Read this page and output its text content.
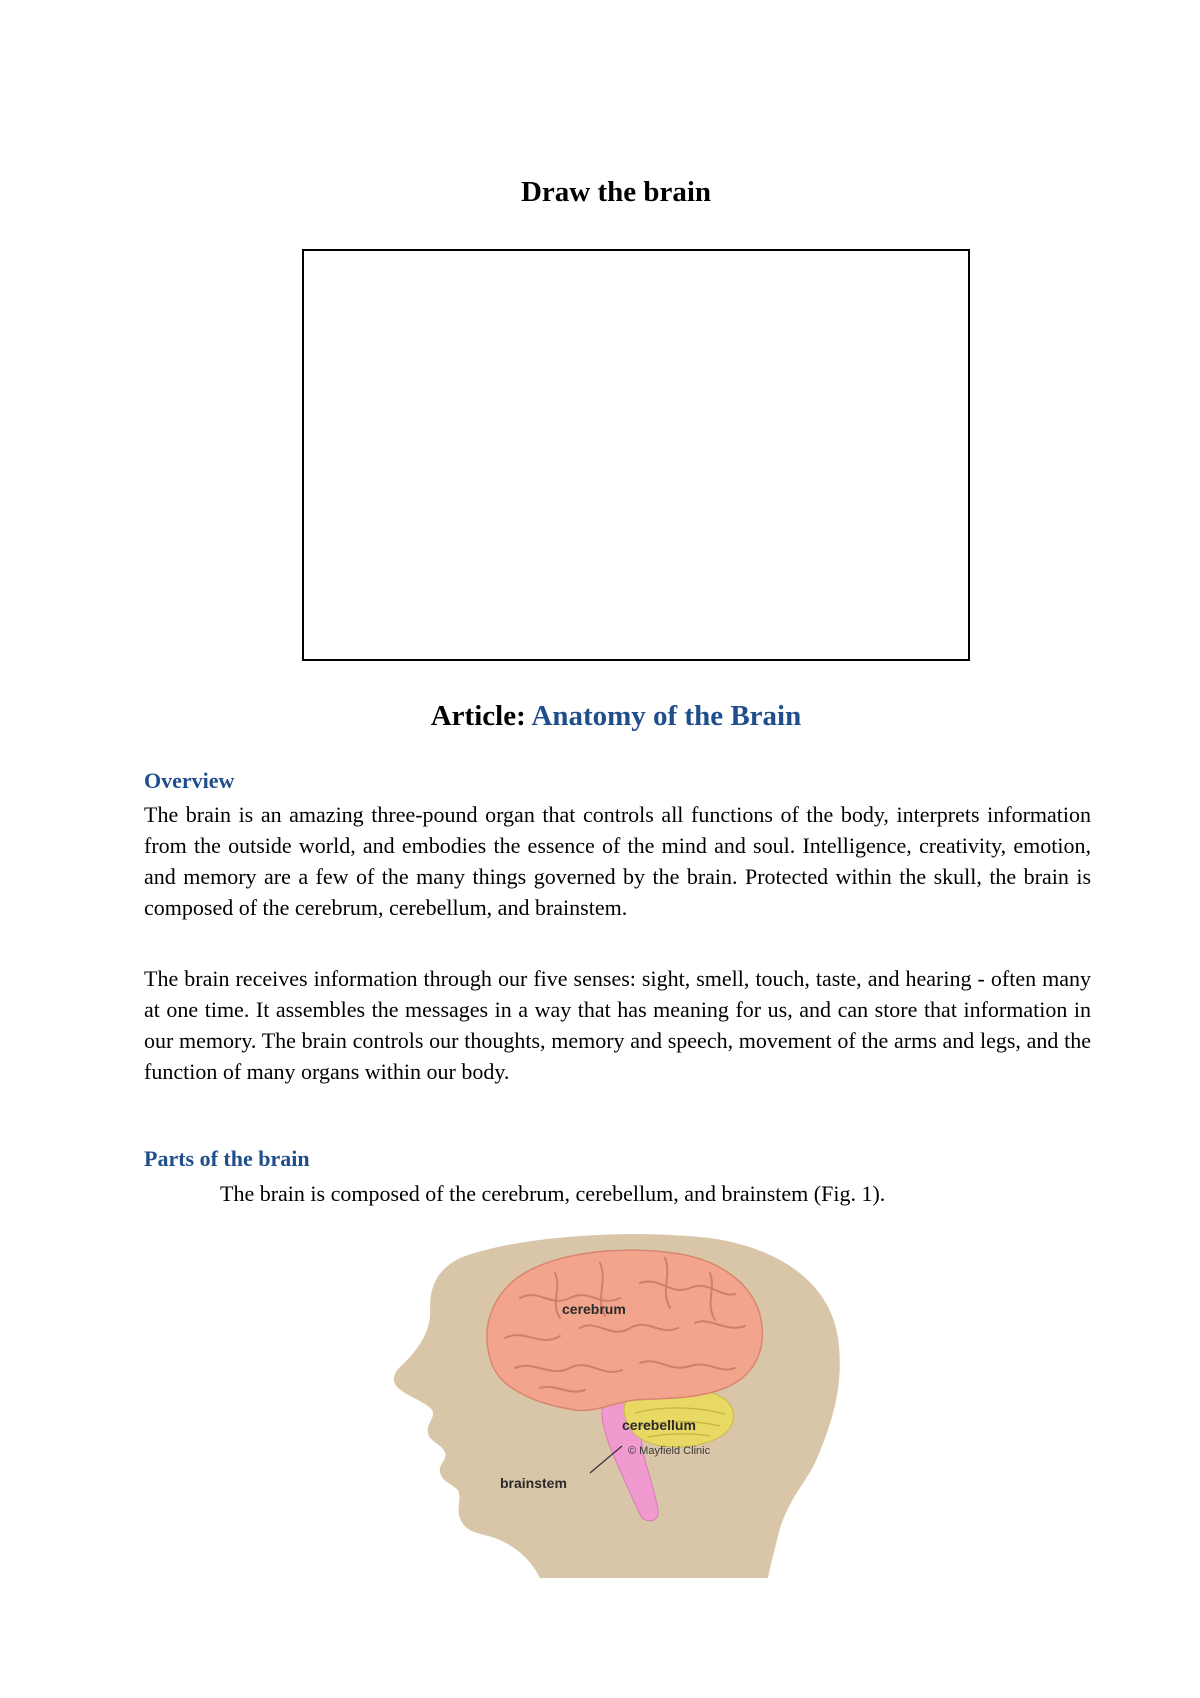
Draw the brain
Article: Anatomy of the Brain
Overview
The brain is an amazing three-pound organ that controls all functions of the body, interprets information from the outside world, and embodies the essence of the mind and soul. Intelligence, creativity, emotion, and memory are a few of the many things governed by the brain. Protected within the skull, the brain is composed of the cerebrum, cerebellum, and brainstem.
The brain receives information through our five senses: sight, smell, touch, taste, and hearing - often many at one time. It assembles the messages in a way that has meaning for us, and can store that information in our memory. The brain controls our thoughts, memory and speech, movement of the arms and legs, and the function of many organs within our body.
Parts of the brain
The brain is composed of the cerebrum, cerebellum, and brainstem (Fig. 1).
cerebrum
cerebellum
brainstem
© Mayfield Clinic
